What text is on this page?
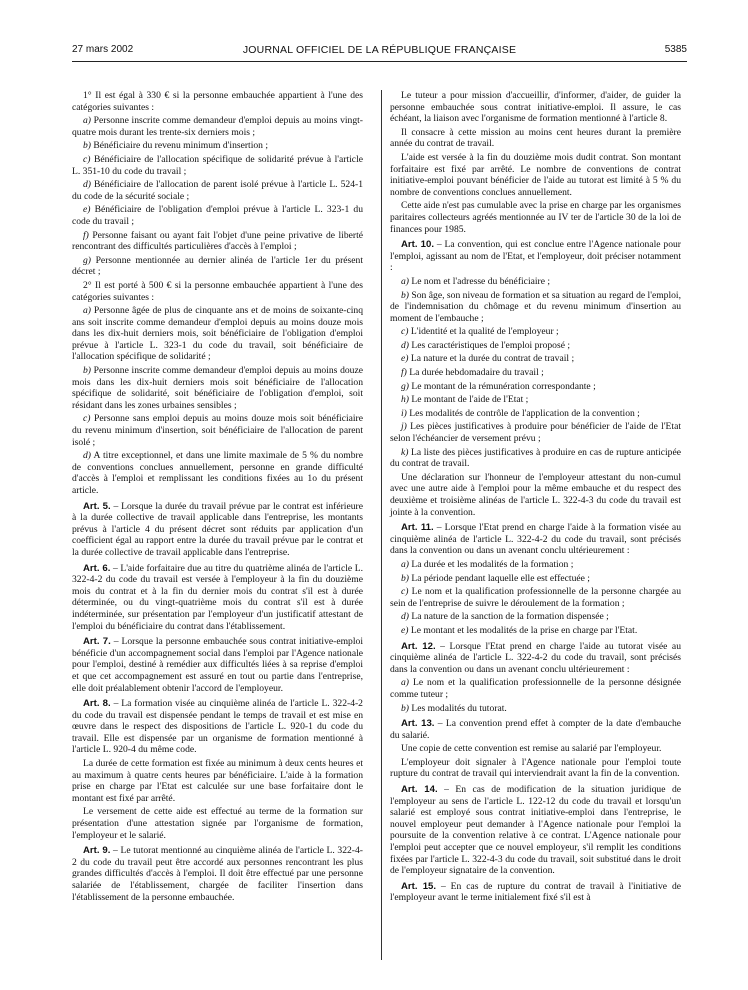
27 mars 2002	JOURNAL OFFICIEL DE LA RÉPUBLIQUE FRANÇAISE	5385

1° Il est égal à 330 € si la personne embauchée appartient à l'une des catégories suivantes :

a) Personne inscrite comme demandeur d'emploi depuis au moins vingt-quatre mois durant les trente-six derniers mois ;

b) Bénéficiaire du revenu minimum d'insertion ;

c) Bénéficiaire de l'allocation spécifique de solidarité prévue à l'article L. 351-10 du code du travail ;

d) Bénéficiaire de l'allocation de parent isolé prévue à l'article L. 524-1 du code de la sécurité sociale ;

e) Bénéficiaire de l'obligation d'emploi prévue à l'article L. 323-1 du code du travail ;

f) Personne faisant ou ayant fait l'objet d'une peine privative de liberté rencontrant des difficultés particulières d'accès à l'emploi ;

g) Personne mentionnée au dernier alinéa de l'article 1er du présent décret ;

2° Il est porté à 500 € si la personne embauchée appartient à l'une des catégories suivantes :

a) Personne âgée de plus de cinquante ans et de moins de soixante-cinq ans soit inscrite comme demandeur d'emploi depuis au moins douze mois dans les dix-huit derniers mois, soit bénéficiaire de l'obligation d'emploi prévue à l'article L. 323-1 du code du travail, soit bénéficiaire de l'allocation spécifique de solidarité ;

b) Personne inscrite comme demandeur d'emploi depuis au moins douze mois dans les dix-huit derniers mois soit bénéficiaire de l'allocation spécifique de solidarité, soit bénéficiaire de l'obligation d'emploi, soit résidant dans les zones urbaines sensibles ;

c) Personne sans emploi depuis au moins douze mois soit bénéficiaire du revenu minimum d'insertion, soit bénéficiaire de l'allocation de parent isolé ;

d) A titre exceptionnel, et dans une limite maximale de 5 % du nombre de conventions conclues annuellement, personne en grande difficulté d'accès à l'emploi et remplissant les conditions fixées au 1o du présent article.

Art. 5. – Lorsque la durée du travail prévue par le contrat est inférieure à la durée collective de travail applicable dans l'entreprise, les montants prévus à l'article 4 du présent décret sont réduits par application d'un coefficient égal au rapport entre la durée du travail prévue par le contrat et la durée collective de travail applicable dans l'entreprise.

Art. 6. – L'aide forfaitaire due au titre du quatrième alinéa de l'article L. 322-4-2 du code du travail est versée à l'employeur à la fin du douzième mois du contrat et à la fin du dernier mois du contrat s'il est à durée déterminée, ou du vingt-quatrième mois du contrat s'il est à durée indéterminée, sur présentation par l'employeur d'un justificatif attestant de l'emploi du bénéficiaire du contrat dans l'établissement.

Art. 7. – Lorsque la personne embauchée sous contrat initiative-emploi bénéficie d'un accompagnement social dans l'emploi par l'Agence nationale pour l'emploi, destiné à remédier aux difficultés liées à sa reprise d'emploi et que cet accompagnement est assuré en tout ou partie dans l'entreprise, elle doit préalablement obtenir l'accord de l'employeur.

Art. 8. – La formation visée au cinquième alinéa de l'article L. 322-4-2 du code du travail est dispensée pendant le temps de travail et est mise en œuvre dans le respect des dispositions de l'article L. 920-1 du code du travail. Elle est dispensée par un organisme de formation mentionné à l'article L. 920-4 du même code.

La durée de cette formation est fixée au minimum à deux cents heures et au maximum à quatre cents heures par bénéficiaire. L'aide à la formation prise en charge par l'Etat est calculée sur une base forfaitaire dont le montant est fixé par arrêté.

Le versement de cette aide est effectué au terme de la formation sur présentation d'une attestation signée par l'organisme de formation, l'employeur et le salarié.

Art. 9. – Le tutorat mentionné au cinquième alinéa de l'article L. 322-4-2 du code du travail peut être accordé aux personnes rencontrant les plus grandes difficultés d'accès à l'emploi. Il doit être effectué par une personne salariée de l'établissement, chargée de faciliter l'insertion dans l'établissement de la personne embauchée.

Le tuteur a pour mission d'accueillir, d'informer, d'aider, de guider la personne embauchée sous contrat initiative-emploi. Il assure, le cas échéant, la liaison avec l'organisme de formation mentionné à l'article 8.

Il consacre à cette mission au moins cent heures durant la première année du contrat de travail.

L'aide est versée à la fin du douzième mois dudit contrat. Son montant forfaitaire est fixé par arrêté. Le nombre de conventions de contrat initiative-emploi pouvant bénéficier de l'aide au tutorat est limité à 5 % du nombre de conventions conclues annuellement.

Cette aide n'est pas cumulable avec la prise en charge par les organismes paritaires collecteurs agréés mentionnée au IV ter de l'article 30 de la loi de finances pour 1985.

Art. 10. – La convention, qui est conclue entre l'Agence nationale pour l'emploi, agissant au nom de l'Etat, et l'employeur, doit préciser notamment :

a) Le nom et l'adresse du bénéficiaire ;

b) Son âge, son niveau de formation et sa situation au regard de l'emploi, de l'indemnisation du chômage et du revenu minimum d'insertion au moment de l'embauche ;

c) L'identité et la qualité de l'employeur ;

d) Les caractéristiques de l'emploi proposé ;

e) La nature et la durée du contrat de travail ;

f) La durée hebdomadaire du travail ;

g) Le montant de la rémunération correspondante ;

h) Le montant de l'aide de l'Etat ;

i) Les modalités de contrôle de l'application de la convention ;

j) Les pièces justificatives à produire pour bénéficier de l'aide de l'Etat selon l'échéancier de versement prévu ;

k) La liste des pièces justificatives à produire en cas de rupture anticipée du contrat de travail.

Une déclaration sur l'honneur de l'employeur attestant du non-cumul avec une autre aide à l'emploi pour la même embauche et du respect des deuxième et troisième alinéas de l'article L. 322-4-3 du code du travail est jointe à la convention.

Art. 11. – Lorsque l'Etat prend en charge l'aide à la formation visée au cinquième alinéa de l'article L. 322-4-2 du code du travail, sont précisés dans la convention ou dans un avenant conclu ultérieurement :

a) La durée et les modalités de la formation ;

b) La période pendant laquelle elle est effectuée ;

c) Le nom et la qualification professionnelle de la personne chargée au sein de l'entreprise de suivre le déroulement de la formation ;

d) La nature de la sanction de la formation dispensée ;

e) Le montant et les modalités de la prise en charge par l'Etat.

Art. 12. – Lorsque l'Etat prend en charge l'aide au tutorat visée au cinquième alinéa de l'article L. 322-4-2 du code du travail, sont précisés dans la convention ou dans un avenant conclu ultérieurement :

a) Le nom et la qualification professionnelle de la personne désignée comme tuteur ;

b) Les modalités du tutorat.

Art. 13. – La convention prend effet à compter de la date d'embauche du salarié.

Une copie de cette convention est remise au salarié par l'employeur.

L'employeur doit signaler à l'Agence nationale pour l'emploi toute rupture du contrat de travail qui interviendrait avant la fin de la convention.

Art. 14. – En cas de modification de la situation juridique de l'employeur au sens de l'article L. 122-12 du code du travail et lorsqu'un salarié est employé sous contrat initiative-emploi dans l'entreprise, le nouvel employeur peut demander à l'Agence nationale pour l'emploi la poursuite de la convention relative à ce contrat. L'Agence nationale pour l'emploi peut accepter que ce nouvel employeur, s'il remplit les conditions fixées par l'article L. 322-4-3 du code du travail, soit substitué dans le droit de l'employeur signataire de la convention.

Art. 15. – En cas de rupture du contrat de travail à l'initiative de l'employeur avant le terme initialement fixé s'il est à
